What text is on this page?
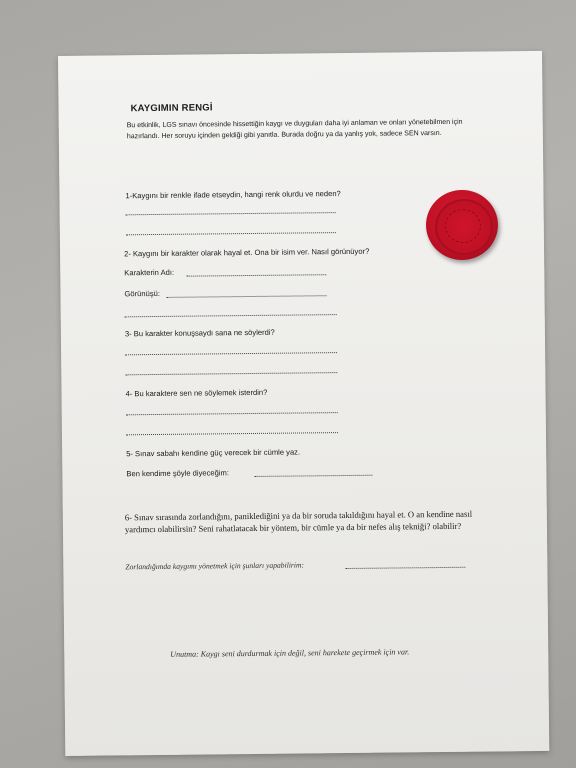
KAYGIMIN RENGİ
Bu etkinlik, LGS sınavı öncesinde hissettiğin kaygı ve duyguları daha iyi anlaman ve onları yönetebilmen için hazırlandı. Her soruyu içinden geldiği gibi yanıtla. Burada doğru ya da yanlış yok, sadece SEN varsın.
1-Kaygını bir renkle ifade etseydin, hangi renk olurdu ve neden?
2- Kaygını bir karakter olarak hayal et. Ona bir isim ver. Nasıl görünüyor?
Karakterin Adı:
Görünüşü:
3- Bu karakter konuşsaydı sana ne söylerdi?
4- Bu karaktere sen ne söylemek isterdin?
5- Sınav sabahı kendine güç verecek bir cümle yaz.
Ben kendime şöyle diyeceğim:
6- Sınav sırasında zorlandığını, paniklediğini ya da bir soruda takıldığını hayal et. O an kendine nasıl yardımcı olabilirsin? Seni rahatlatacak bir yöntem, bir cümle ya da bir nefes alış tekniği? olabilir?
Zorlandığımda kaygımı yönetmek için şunları yapabilirim:
Unutma: Kaygı seni durdurmak için değil, seni harekete geçirmek için var.
